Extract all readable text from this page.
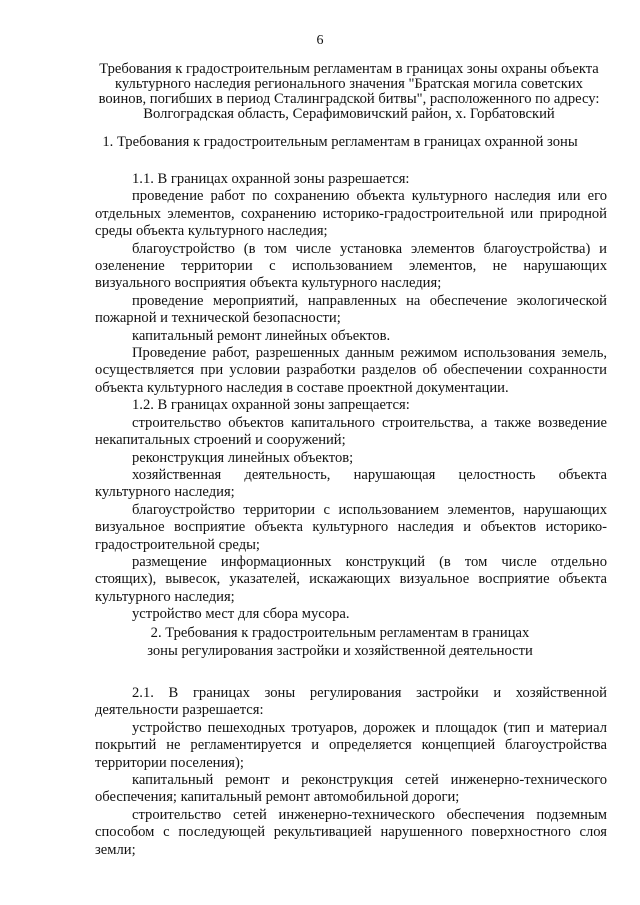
6
Требования к градостроительным регламентам в границах зоны охраны объекта
культурного наследия регионального значения "Братская могила советских
воинов, погибших в период Сталинградской битвы", расположенного по адресу:
Волгоградская область, Серафимовичский район, х. Горбатовский
1. Требования к градостроительным регламентам в границах охранной зоны

1.1. В границах охранной зоны разрешается:

проведение работ по сохранению объекта культурного наследия или его отдельных элементов, сохранению историко-градостроительной или природной среды объекта культурного наследия;

благоустройство (в том числе установка элементов благоустройства) и озеленение территории с использованием элементов, не нарушающих визуального восприятия объекта культурного наследия;

проведение мероприятий, направленных на обеспечение экологической пожарной и технической безопасности;

капитальный ремонт линейных объектов.

Проведение работ, разрешенных данным режимом использования земель, осуществляется при условии разработки разделов об обеспечении сохранности объекта культурного наследия в составе проектной документации.

1.2. В границах охранной зоны запрещается:

строительство объектов капитального строительства, а также возведение некапитальных строений и сооружений;

реконструкция линейных объектов;

хозяйственная деятельность, нарушающая целостность объекта культурного наследия;

благоустройство территории с использованием элементов, нарушающих визуальное восприятие объекта культурного наследия и объектов историко-градостроительной среды;

размещение информационных конструкций (в том числе отдельно стоящих), вывесок, указателей, искажающих визуальное восприятие объекта культурного наследия;

устройство мест для сбора мусора.

2. Требования к градостроительным регламентам в границах
зоны регулирования застройки и хозяйственной деятельности

2.1. В границах зоны регулирования застройки и хозяйственной деятельности разрешается:

устройство пешеходных тротуаров, дорожек и площадок (тип и материал покрытий не регламентируется и определяется концепцией благоустройства территории поселения);

капитальный ремонт и реконструкция сетей инженерно-технического обеспечения; капитальный ремонт автомобильной дороги;

строительство сетей инженерно-технического обеспечения подземным способом с последующей рекультивацией нарушенного поверхностного слоя земли;
